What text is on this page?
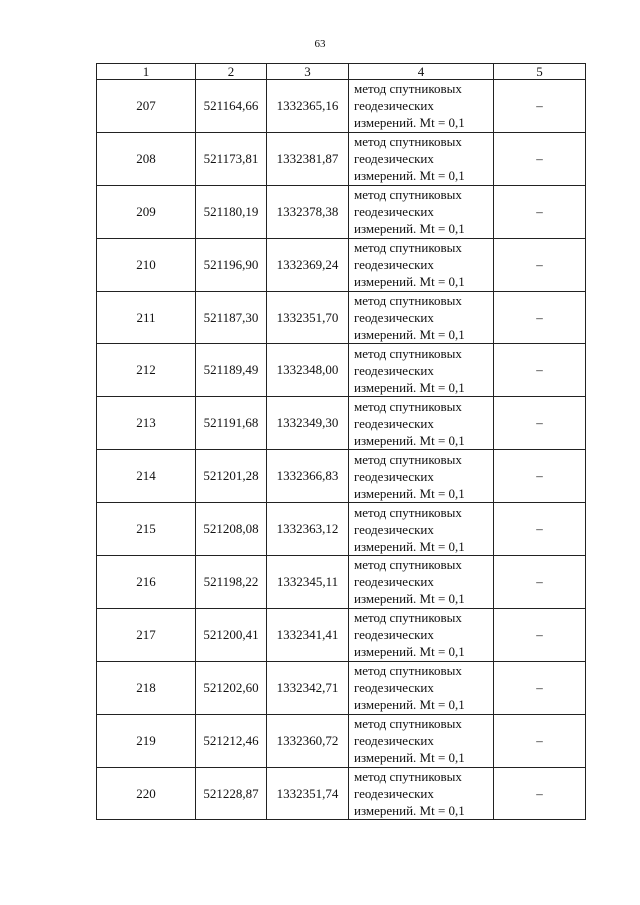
63
1	2	3	4	5
207	521164,66	1332365,16	метод спутниковых
геодезических
измерений. Mt = 0,1	–
208	521173,81	1332381,87	метод спутниковых
геодезических
измерений. Mt = 0,1	–
209	521180,19	1332378,38	метод спутниковых
геодезических
измерений. Mt = 0,1	–
210	521196,90	1332369,24	метод спутниковых
геодезических
измерений. Mt = 0,1	–
211	521187,30	1332351,70	метод спутниковых
геодезических
измерений. Mt = 0,1	–
212	521189,49	1332348,00	метод спутниковых
геодезических
измерений. Mt = 0,1	–
213	521191,68	1332349,30	метод спутниковых
геодезических
измерений. Mt = 0,1	–
214	521201,28	1332366,83	метод спутниковых
геодезических
измерений. Mt = 0,1	–
215	521208,08	1332363,12	метод спутниковых
геодезических
измерений. Mt = 0,1	–
216	521198,22	1332345,11	метод спутниковых
геодезических
измерений. Mt = 0,1	–
217	521200,41	1332341,41	метод спутниковых
геодезических
измерений. Mt = 0,1	–
218	521202,60	1332342,71	метод спутниковых
геодезических
измерений. Mt = 0,1	–
219	521212,46	1332360,72	метод спутниковых
геодезических
измерений. Mt = 0,1	–
220	521228,87	1332351,74	метод спутниковых
геодезических
измерений. Mt = 0,1	–
